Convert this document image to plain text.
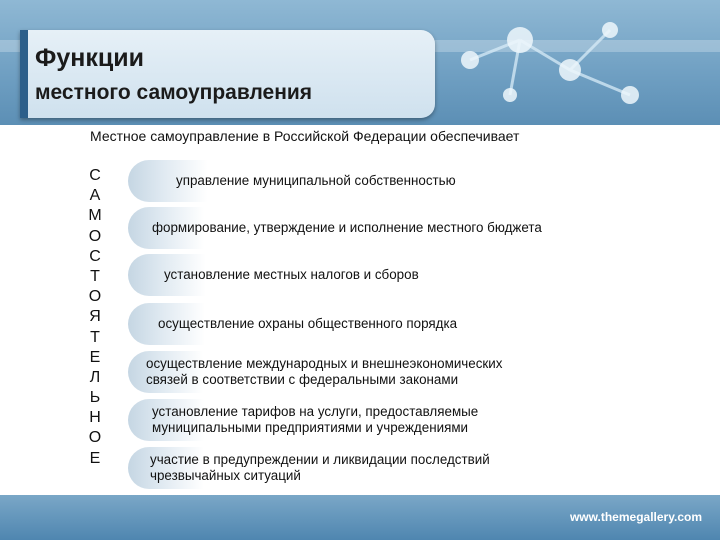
Функции
местного самоуправления
Местное самоуправление в Российской Федерации обеспечивает
С
А
М
О
С
Т
О
Я
Т
Е
Л
Ь
Н
О
Е
управление муниципальной собственностью
формирование, утверждение и исполнение местного бюджета
установление местных налогов и сборов
осуществление охраны общественного порядка
осуществление международных и внешнеэкономических
связей в соответствии с федеральными законами
установление тарифов на услуги, предоставляемые
муниципальными предприятиями и учреждениями
участие в предупреждении и ликвидации последствий
чрезвычайных ситуаций
www.themegallery.com
